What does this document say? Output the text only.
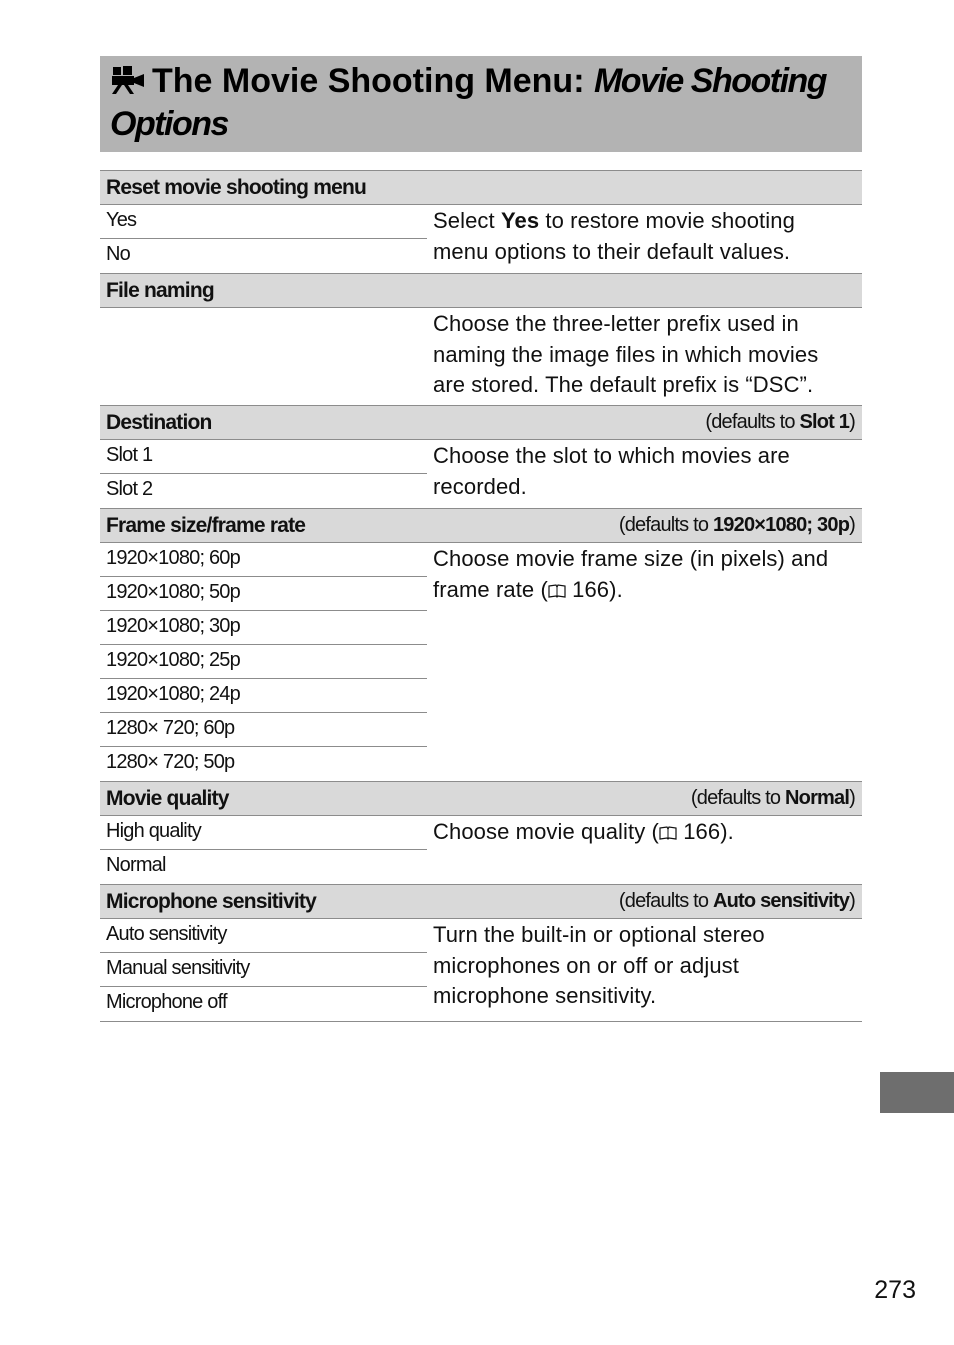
The Movie Shooting Menu: Movie Shooting
Options
Reset movie shooting menu
Yes
No
Select Yes to restore movie shooting menu options to their default values.
File naming
Choose the three-letter prefix used in naming the image files in which movies are stored. The default prefix is “DSC”.
Destination	(defaults to Slot 1)
Slot 1
Slot 2
Choose the slot to which movies are recorded.
Frame size/frame rate	(defaults to 1920×1080; 30p)
1920×1080; 60p
1920×1080; 50p
1920×1080; 30p
1920×1080; 25p
1920×1080; 24p
1280× 720; 60p
1280× 720; 50p
Choose movie frame size (in pixels) and frame rate ( 166).
Movie quality	(defaults to Normal)
High quality
Normal
Choose movie quality ( 166).
Microphone sensitivity	(defaults to Auto sensitivity)
Auto sensitivity
Manual sensitivity
Microphone off
Turn the built-in or optional stereo microphones on or off or adjust microphone sensitivity.
273
